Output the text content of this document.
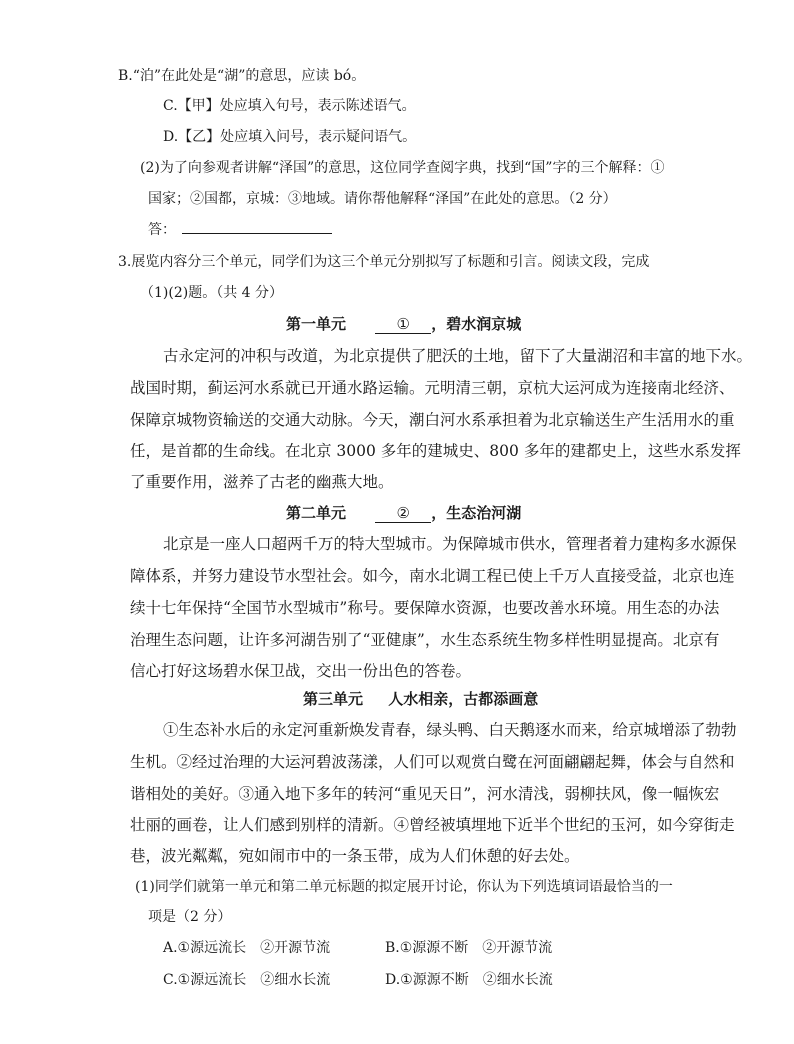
B.“泊”在此处是“湖”的意思，应读 bó。
C.【甲】处应填入句号，表示陈述语气。
D.【乙】处应填入问号，表示疑问语气。
(2)为了向参观者讲解“泽国”的意思，这位同学查阅字典，找到“国”字的三个解释：①
国家；②国都，京城：③地域。请你帮他解释“泽国”在此处的意思。（2 分）
答：
3.展览内容分三个单元，同学们为这三个单元分别拟写了标题和引言。阅读文段，完成
（1)(2)题。（共 4 分）
第一单元	① ，碧水润京城
古永定河的冲积与改道，为北京提供了肥沃的土地，留下了大量湖沼和丰富的地下水。
战国时期，蓟运河水系就已开通水路运输。元明清三朝，京杭大运河成为连接南北经济、
保障京城物资输送的交通大动脉。今天，潮白河水系承担着为北京输送生产生活用水的重
任，是首都的生命线。在北京 3000 多年的建城史、800 多年的建都史上，这些水系发挥
了重要作用，滋养了古老的幽燕大地。
第二单元	② ，生态治河湖
北京是一座人口超两千万的特大型城市。为保障城市供水，管理者着力建构多水源保
障体系，并努力建设节水型社会。如今，南水北调工程已使上千万人直接受益，北京也连
续十七年保持“全国节水型城市”称号。要保障水资源，也要改善水环境。用生态的办法
治理生态问题，让许多河湖告别了“亚健康”，水生态系统生物多样性明显提高。北京有
信心打好这场碧水保卫战，交出一份出色的答卷。
第三单元 人水相亲，古都添画意
①生态补水后的永定河重新焕发青春，绿头鸭、白天鹅逐水而来，给京城增添了勃勃
生机。②经过治理的大运河碧波荡漾，人们可以观赏白鹭在河面翩翩起舞，体会与自然和
谐相处的美好。③通入地下多年的转河“重见天日”，河水清浅，弱柳扶风，像一幅恢宏
壮丽的画卷，让人们感到别样的清新。④曾经被填埋地下近半个世纪的玉河，如今穿街走
巷，波光粼粼，宛如闹市中的一条玉带，成为人们休憩的好去处。
(1)同学们就第一单元和第二单元标题的拟定展开讨论，你认为下列选填词语最恰当的一
项是（2 分）
A.①源远流长　②开源节流	B.①源源不断　②开源节流
C.①源远流长　②细水长流	D.①源源不断　②细水长流
